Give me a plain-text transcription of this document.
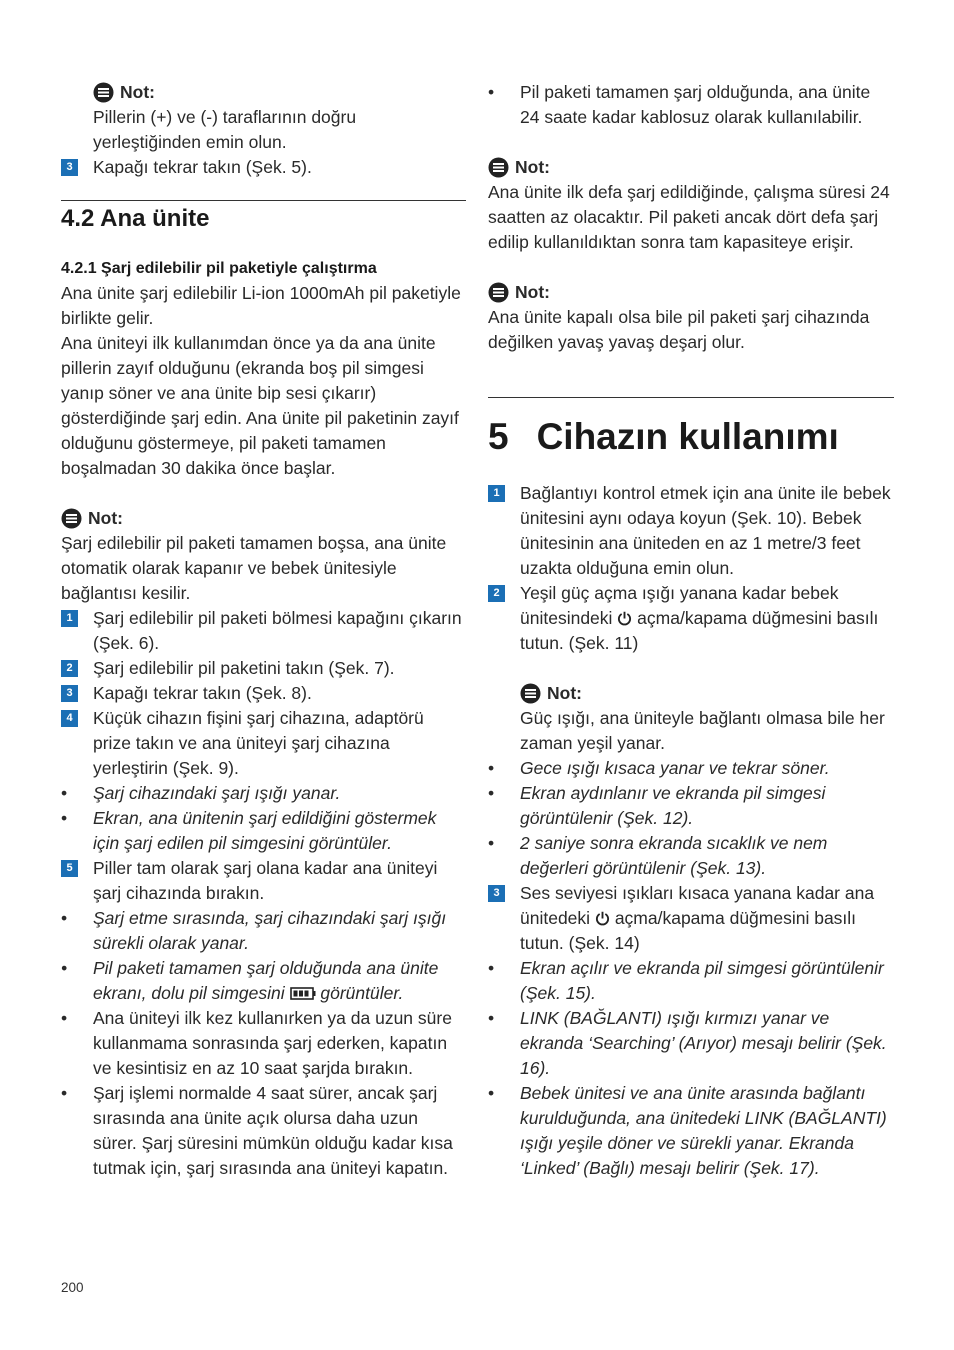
Not:

Pillerin (+) ve (-) taraflarının doğru yerleştiğinden emin olun.

3	Kapağı tekrar takın (Şek. 5).
4.2 Ana ünite
4.2.1 Şarj edilebilir pil paketiyle çalıştırma

Ana ünite şarj edilebilir Li-ion 1000mAh pil paketiyle birlikte gelir.

Ana üniteyi ilk kullanımdan önce ya da ana ünite pillerin zayıf olduğunu (ekranda boş pil simgesi yanıp söner ve ana ünite bip sesi çıkarır) gösterdiğinde şarj edin. Ana ünite pil paketinin zayıf olduğunu göstermeye, pil paketi tamamen boşalmadan 30 dakika önce başlar.

Not:

Şarj edilebilir pil paketi tamamen boşsa, ana ünite otomatik olarak kapanır ve bebek ünitesiyle bağlantısı kesilir.

1	Şarj edilebilir pil paketi bölmesi kapağını çıkarın (Şek. 6).
2	Şarj edilebilir pil paketini takın (Şek. 7).
3	Kapağı tekrar takın (Şek. 8).
4	Küçük cihazın fişini şarj cihazına, adaptörü prize takın ve ana üniteyi şarj cihazına yerleştirin (Şek. 9).
• Şarj cihazındaki şarj ışığı yanar.
• Ekran, ana ünitenin şarj edildiğini göstermek için şarj edilen pil simgesini görüntüler.
5	Piller tam olarak şarj olana kadar ana üniteyi şarj cihazında bırakın.
• Şarj etme sırasında, şarj cihazındaki şarj ışığı sürekli olarak yanar.
• Pil paketi tamamen şarj olduğunda ana ünite ekranı, dolu pil simgesini görüntüler.
• Ana üniteyi ilk kez kullanırken ya da uzun süre kullanmama sonrasında şarj ederken, kapatın ve kesintisiz en az 10 saat şarjda bırakın.
• Şarj işlemi normalde 4 saat sürer, ancak şarj sırasında ana ünite açık olursa daha uzun sürer. Şarj süresini mümkün olduğu kadar kısa tutmak için, şarj sırasında ana üniteyi kapatın.
• Pil paketi tamamen şarj olduğunda, ana ünite 24 saate kadar kablosuz olarak kullanılabilir.
Not:

Ana ünite ilk defa şarj edildiğinde, çalışma süresi 24 saatten az olacaktır. Pil paketi ancak dört defa şarj edilip kullanıldıktan sonra tam kapasiteye erişir.

Not:

Ana ünite kapalı olsa bile pil paketi şarj cihazında değilken yavaş yavaş deşarj olur.

5 Cihazın kullanımı
1	Bağlantıyı kontrol etmek için ana ünite ile bebek ünitesini aynı odaya koyun (Şek. 10). Bebek ünitesinin ana üniteden en az 1 metre/3 feet uzakta olduğuna emin olun.
2	Yeşil güç açma ışığı yanana kadar bebek ünitesindeki açma/kapama düğmesini basılı tutun. (Şek. 11)
Not:

Güç ışığı, ana üniteyle bağlantı olmasa bile her zaman yeşil yanar.

• Gece ışığı kısaca yanar ve tekrar söner.
• Ekran aydınlanır ve ekranda pil simgesi görüntülenir (Şek. 12).
• 2 saniye sonra ekranda sıcaklık ve nem değerleri görüntülenir (Şek. 13).
3	Ses seviyesi ışıkları kısaca yanana kadar ana ünitedeki açma/kapama düğmesini basılı tutun. (Şek. 14)
• Ekran açılır ve ekranda pil simgesi görüntülenir (Şek. 15).
• LINK (BAĞLANTI) ışığı kırmızı yanar ve ekranda ‘Searching’ (Arıyor) mesajı belirir (Şek. 16).
• Bebek ünitesi ve ana ünite arasında bağlantı kurulduğunda, ana ünitedeki LINK (BAĞLANTI) ışığı yeşile döner ve sürekli yanar. Ekranda ‘Linked’ (Bağlı) mesajı belirir (Şek. 17).
200
